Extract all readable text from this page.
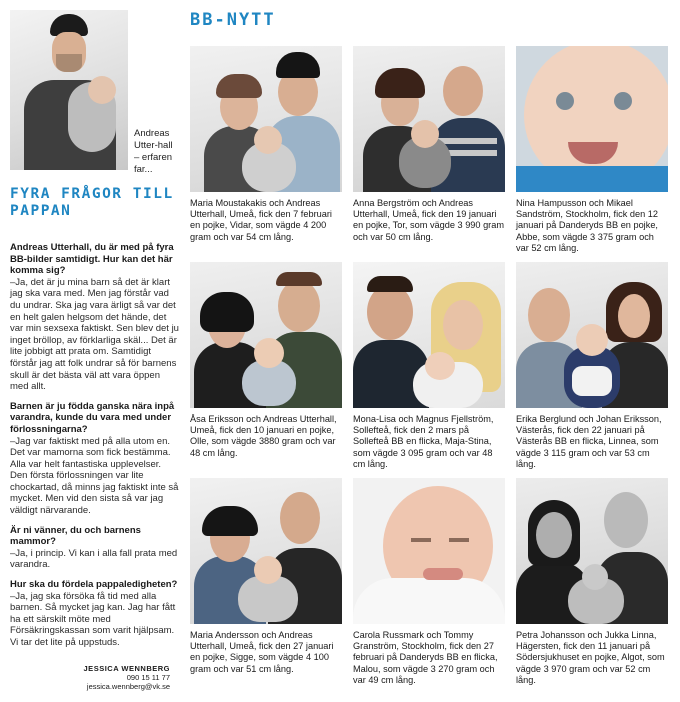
Andreas Utter-hall – erfaren far...
FYRA FRÅGOR TILL PAPPAN

Andreas Utterhall, du är med på fyra BB-bilder samtidigt. Hur kan det här komma sig?

–Ja, det är ju mina barn så det är klart jag ska vara med. Men jag förstår vad du undrar. Ska jag vara ärligt så var det en helt galen helgsom det hände, det var min sexsexa faktiskt. Sen blev det ju inget bröllop, av förklarliga skäl... Det är lite jobbigt att prata om. Samtidigt förstår jag att folk undrar så för barnens skull är det bästa väl att vara öppen med allt.

Barnen är ju födda ganska nära inpå varandra, kunde du vara med under förlossningarna?

–Jag var faktiskt med på alla utom en. Det var mamorna som fick bestämma. Alla var helt fantastiska upplevelser. Den första förlossningen var lite chockartad, då minns jag faktiskt inte så mycket. Men vid den sista så var jag väldigt närvarande.

Är ni vänner, du och barnens mammor?

–Ja, i princip. Vi kan i alla fall prata med varandra.

Hur ska du fördela pappaledigheten?

–Ja, jag ska försöka få tid med alla barnen. Så mycket jag kan. Jag har fått ha ett särskilt möte med Försäkringskassan som varit hjälpsam. Vi tar det lite på uppstuds.

JESSICA WENNBERG
090 15 11 77
jessica.wennberg@vk.se
BB-NYTT
Maria Moustakakis och Andreas Utterhall, Umeå, fick den 7 februari en pojke, Vidar, som vägde 4 200 gram och var 54 cm lång.
Anna Bergström och Andreas Utterhall, Umeå, fick den 19 januari en pojke, Tor, som vägde 3 990 gram och var 50 cm lång.
Nina Hampusson och Mikael Sandström, Stockholm, fick den 12 januari på Danderyds BB en pojke, Abbe, som vägde 3 375 gram och var 52 cm lång.
Åsa Eriksson och Andreas Utterhall, Umeå, fick den 10 januari en pojke, Olle, som vägde 3880 gram och var 48 cm lång.
Mona-Lisa och Magnus Fjellström, Sollefteå, fick den 2 mars på Sollefteå BB en flicka, Maja-Stina, som vägde 3 095 gram och var 48 cm lång.
Erika Berglund och Johan Eriksson, Västerås, fick den 22 januari på Västerås BB en flicka, Linnea, som vägde 3 115 gram och var 53 cm lång.
Maria Andersson och Andreas Utterhall, Umeå, fick den 27 januari en pojke, Sigge, som vägde 4 100 gram och var 51 cm lång.
Carola Russmark och Tommy Granström, Stockholm, fick den 27 februari på Danderyds BB en flicka, Malou, som vägde 3 270 gram och var 49 cm lång.
Petra Johansson och Jukka Linna, Hägersten, fick den 11 januari på Södersjukhuset en pojke, Algot, som vägde 3 970 gram och var 52 cm lång.
